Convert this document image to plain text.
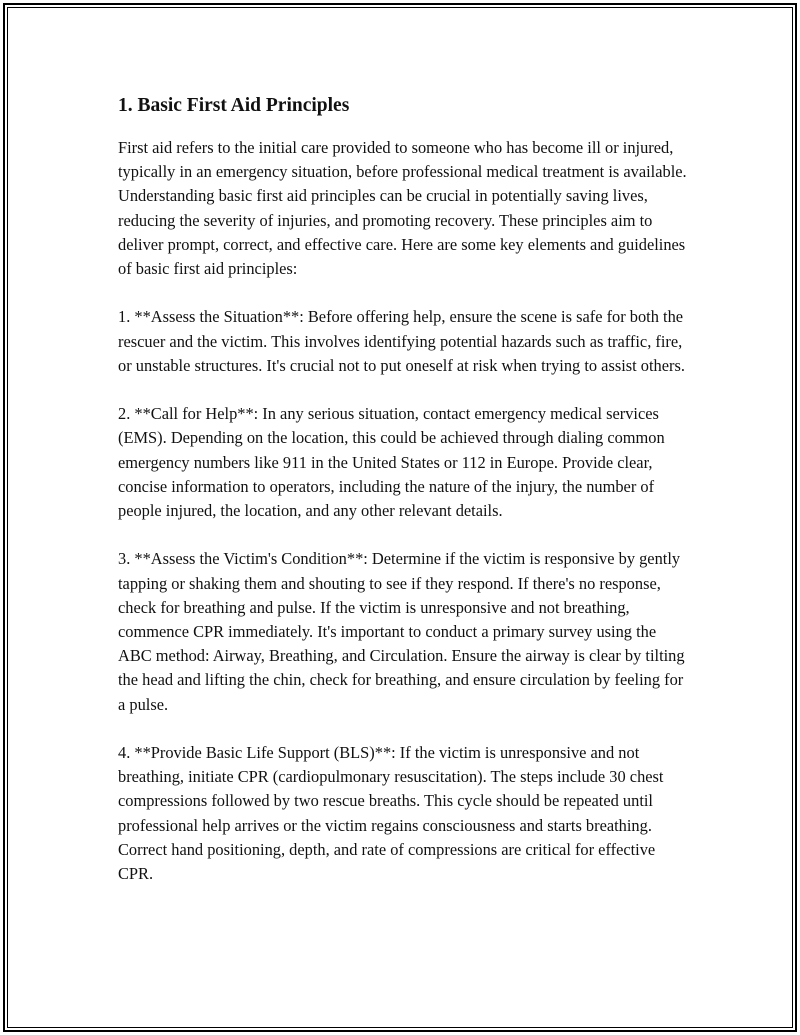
1. Basic First Aid Principles

First aid refers to the initial care provided to someone who has become ill or injured, typically in an emergency situation, before professional medical treatment is available. Understanding basic first aid principles can be crucial in potentially saving lives, reducing the severity of injuries, and promoting recovery. These principles aim to deliver prompt, correct, and effective care. Here are some key elements and guidelines of basic first aid principles:

1. **Assess the Situation**: Before offering help, ensure the scene is safe for both the rescuer and the victim. This involves identifying potential hazards such as traffic, fire, or unstable structures. It's crucial not to put oneself at risk when trying to assist others.

2. **Call for Help**: In any serious situation, contact emergency medical services (EMS). Depending on the location, this could be achieved through dialing common emergency numbers like 911 in the United States or 112 in Europe. Provide clear, concise information to operators, including the nature of the injury, the number of people injured, the location, and any other relevant details.

3. **Assess the Victim's Condition**: Determine if the victim is responsive by gently tapping or shaking them and shouting to see if they respond. If there's no response, check for breathing and pulse. If the victim is unresponsive and not breathing, commence CPR immediately. It's important to conduct a primary survey using the ABC method: Airway, Breathing, and Circulation. Ensure the airway is clear by tilting the head and lifting the chin, check for breathing, and ensure circulation by feeling for a pulse.

4. **Provide Basic Life Support (BLS)**: If the victim is unresponsive and not breathing, initiate CPR (cardiopulmonary resuscitation). The steps include 30 chest compressions followed by two rescue breaths. This cycle should be repeated until professional help arrives or the victim regains consciousness and starts breathing. Correct hand positioning, depth, and rate of compressions are critical for effective CPR.
